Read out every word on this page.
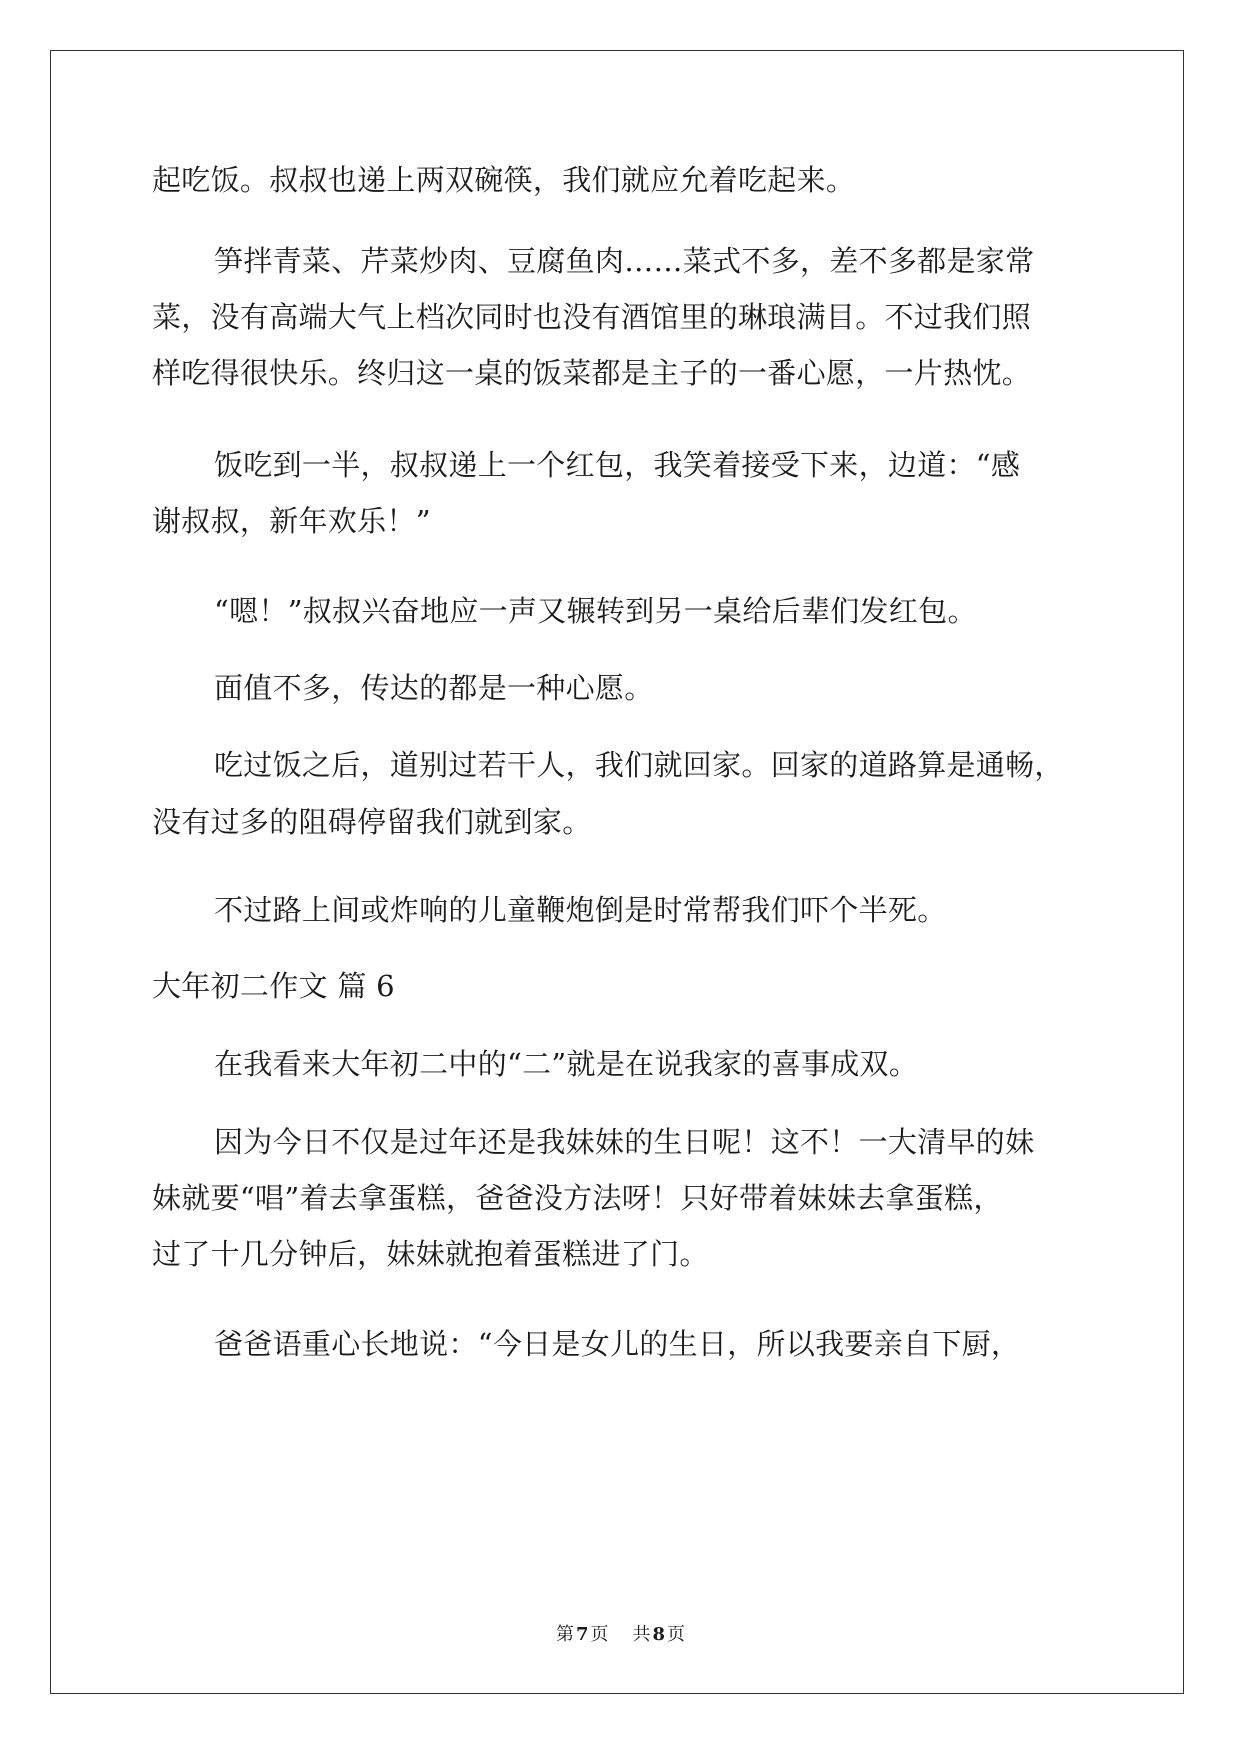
起吃饭。叔叔也递上两双碗筷，我们就应允着吃起来。
笋拌青菜、芹菜炒肉、豆腐鱼肉……菜式不多，差不多都是家常
菜，没有高端大气上档次同时也没有酒馆里的琳琅满目。不过我们照
样吃得很快乐。终归这一桌的饭菜都是主子的一番心愿，一片热忱。
饭吃到一半，叔叔递上一个红包，我笑着接受下来，边道：“感
谢叔叔，新年欢乐！”
“嗯！”叔叔兴奋地应一声又辗转到另一桌给后辈们发红包。
面值不多，传达的都是一种心愿。
吃过饭之后，道别过若干人，我们就回家。回家的道路算是通畅，
没有过多的阻碍停留我们就到家。
不过路上间或炸响的儿童鞭炮倒是时常帮我们吓个半死。
大年初二作文 篇 6
在我看来大年初二中的“二”就是在说我家的喜事成双。
因为今日不仅是过年还是我妹妹的生日呢！这不！一大清早的妹
妹就要“唱”着去拿蛋糕，爸爸没方法呀！只好带着妹妹去拿蛋糕，
过了十几分钟后，妹妹就抱着蛋糕进了门。
爸爸语重心长地说：“今日是女儿的生日，所以我要亲自下厨，
第 7 页 共 8 页
